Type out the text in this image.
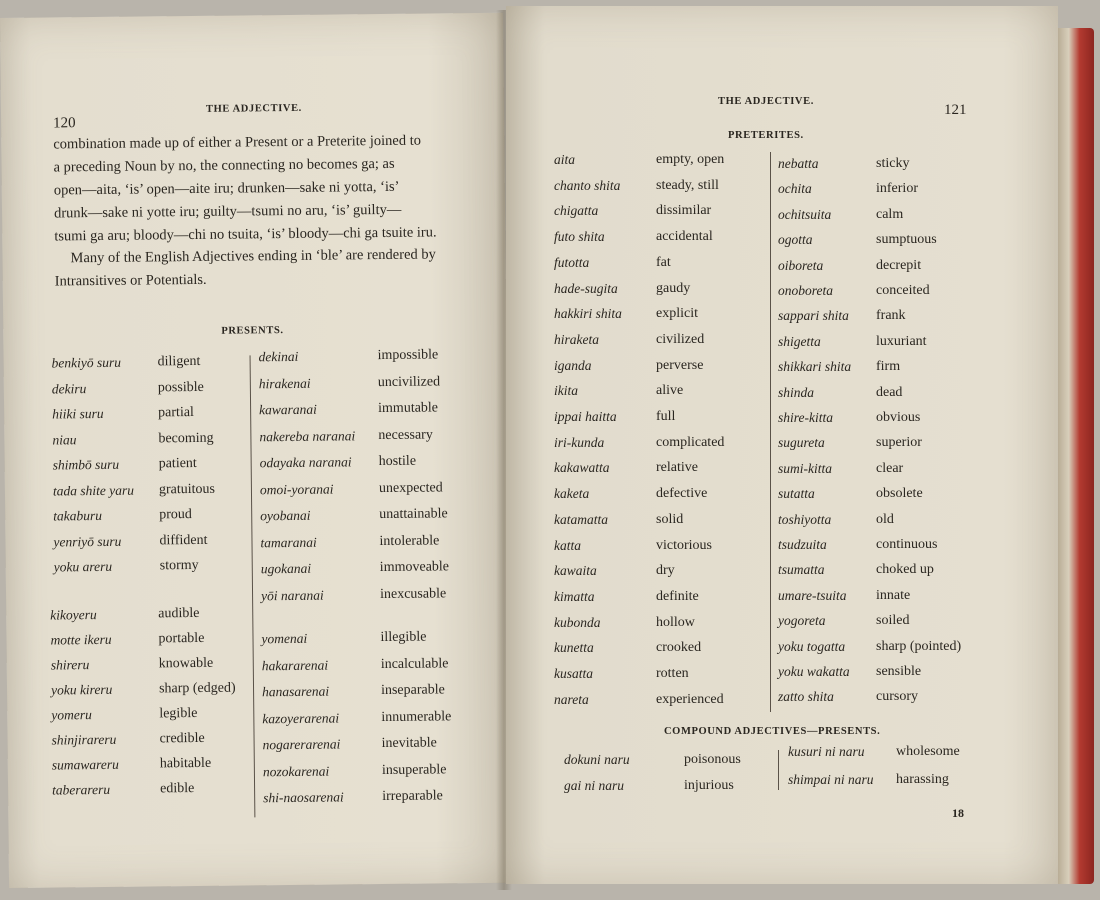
THE ADJECTIVE.
120
combination made up of either a Present or a Preterite joined to
a preceding Noun by no, the connecting no becomes ga; as
open—aita, ‘is’ open—aite iru; drunken—sake ni yotta, ‘is’
drunk—sake ni yotte iru; guilty—tsumi no aru, ‘is’ guilty—
tsumi ga aru; bloody—chi no tsuita, ‘is’ bloody—chi ga tsuite iru.
Many of the English Adjectives ending in ‘ble’ are rendered by
Intransitives or Potentials.
PRESENTS.
benkiyō suru	diligent
dekiru	possible
hiiki suru	partial
niau	becoming
shimbō suru	patient
tada shite yaru gratuitous
takaburu	proud
yenriyō suru	diffident
yoku areru	stormy
kikoyeru	audible
motte ikeru	portable
shireru	knowable
yoku kireru	sharp (edged)
yomeru	legible
shinjirareru	credible
sumawareru	habitable
taberareru	edible
dekinai	impossible
hirakenai	uncivilized
kawaranai	immutable
nakereba naranai necessary
odayaka naranai hostile
omoi-yoranai	unexpected
oyobanai	unattainable
tamaranai	intolerable
ugokanai	immoveable
yōi naranai	inexcusable
yomenai	illegible
hakararenai	incalculable
hanasarenai	inseparable
kazoyerarenai	innumerable
nogarerarenai	inevitable
nozokarenai	insuperable
shi-naosarenai	irreparable
THE ADJECTIVE.
121
PRETERITES.
COMPOUND ADJECTIVES—PRESENTS.
18
aita	empty, open
chanto shita	steady, still
chigatta	dissimilar
futo shita	accidental
futotta	fat
hade-sugita	gaudy
hakkiri shita explicit
hiraketa	civilized
iganda	perverse
ikita	alive
ippai haitta	full
iri-kunda	complicated
kakawatta	relative
kaketa	defective
katamatta	solid
katta	victorious
kawaita	dry
kimatta	definite
kubonda	hollow
kunetta	crooked
kusatta	rotten
nareta	experienced
nebatta	sticky
ochita	inferior
ochitsuita	calm
ogotta	sumptuous
oiboreta	decrepit
onoboreta	conceited
sappari shita frank
shigetta	luxuriant
shikkari shita firm
shinda	dead
shire-kitta	obvious
sugureta	superior
sumi-kitta	clear
sutatta	obsolete
toshiyotta	old
tsudzuita	continuous
tsumatta	choked up
umare-tsuita innate
yogoreta	soiled
yoku togatta sharp (pointed)
yoku wakatta sensible
zatto shita	cursory
dokuni naru	poisonous
gai ni naru	injurious
kusuri ni naru wholesome
shimpai ni naru harassing
